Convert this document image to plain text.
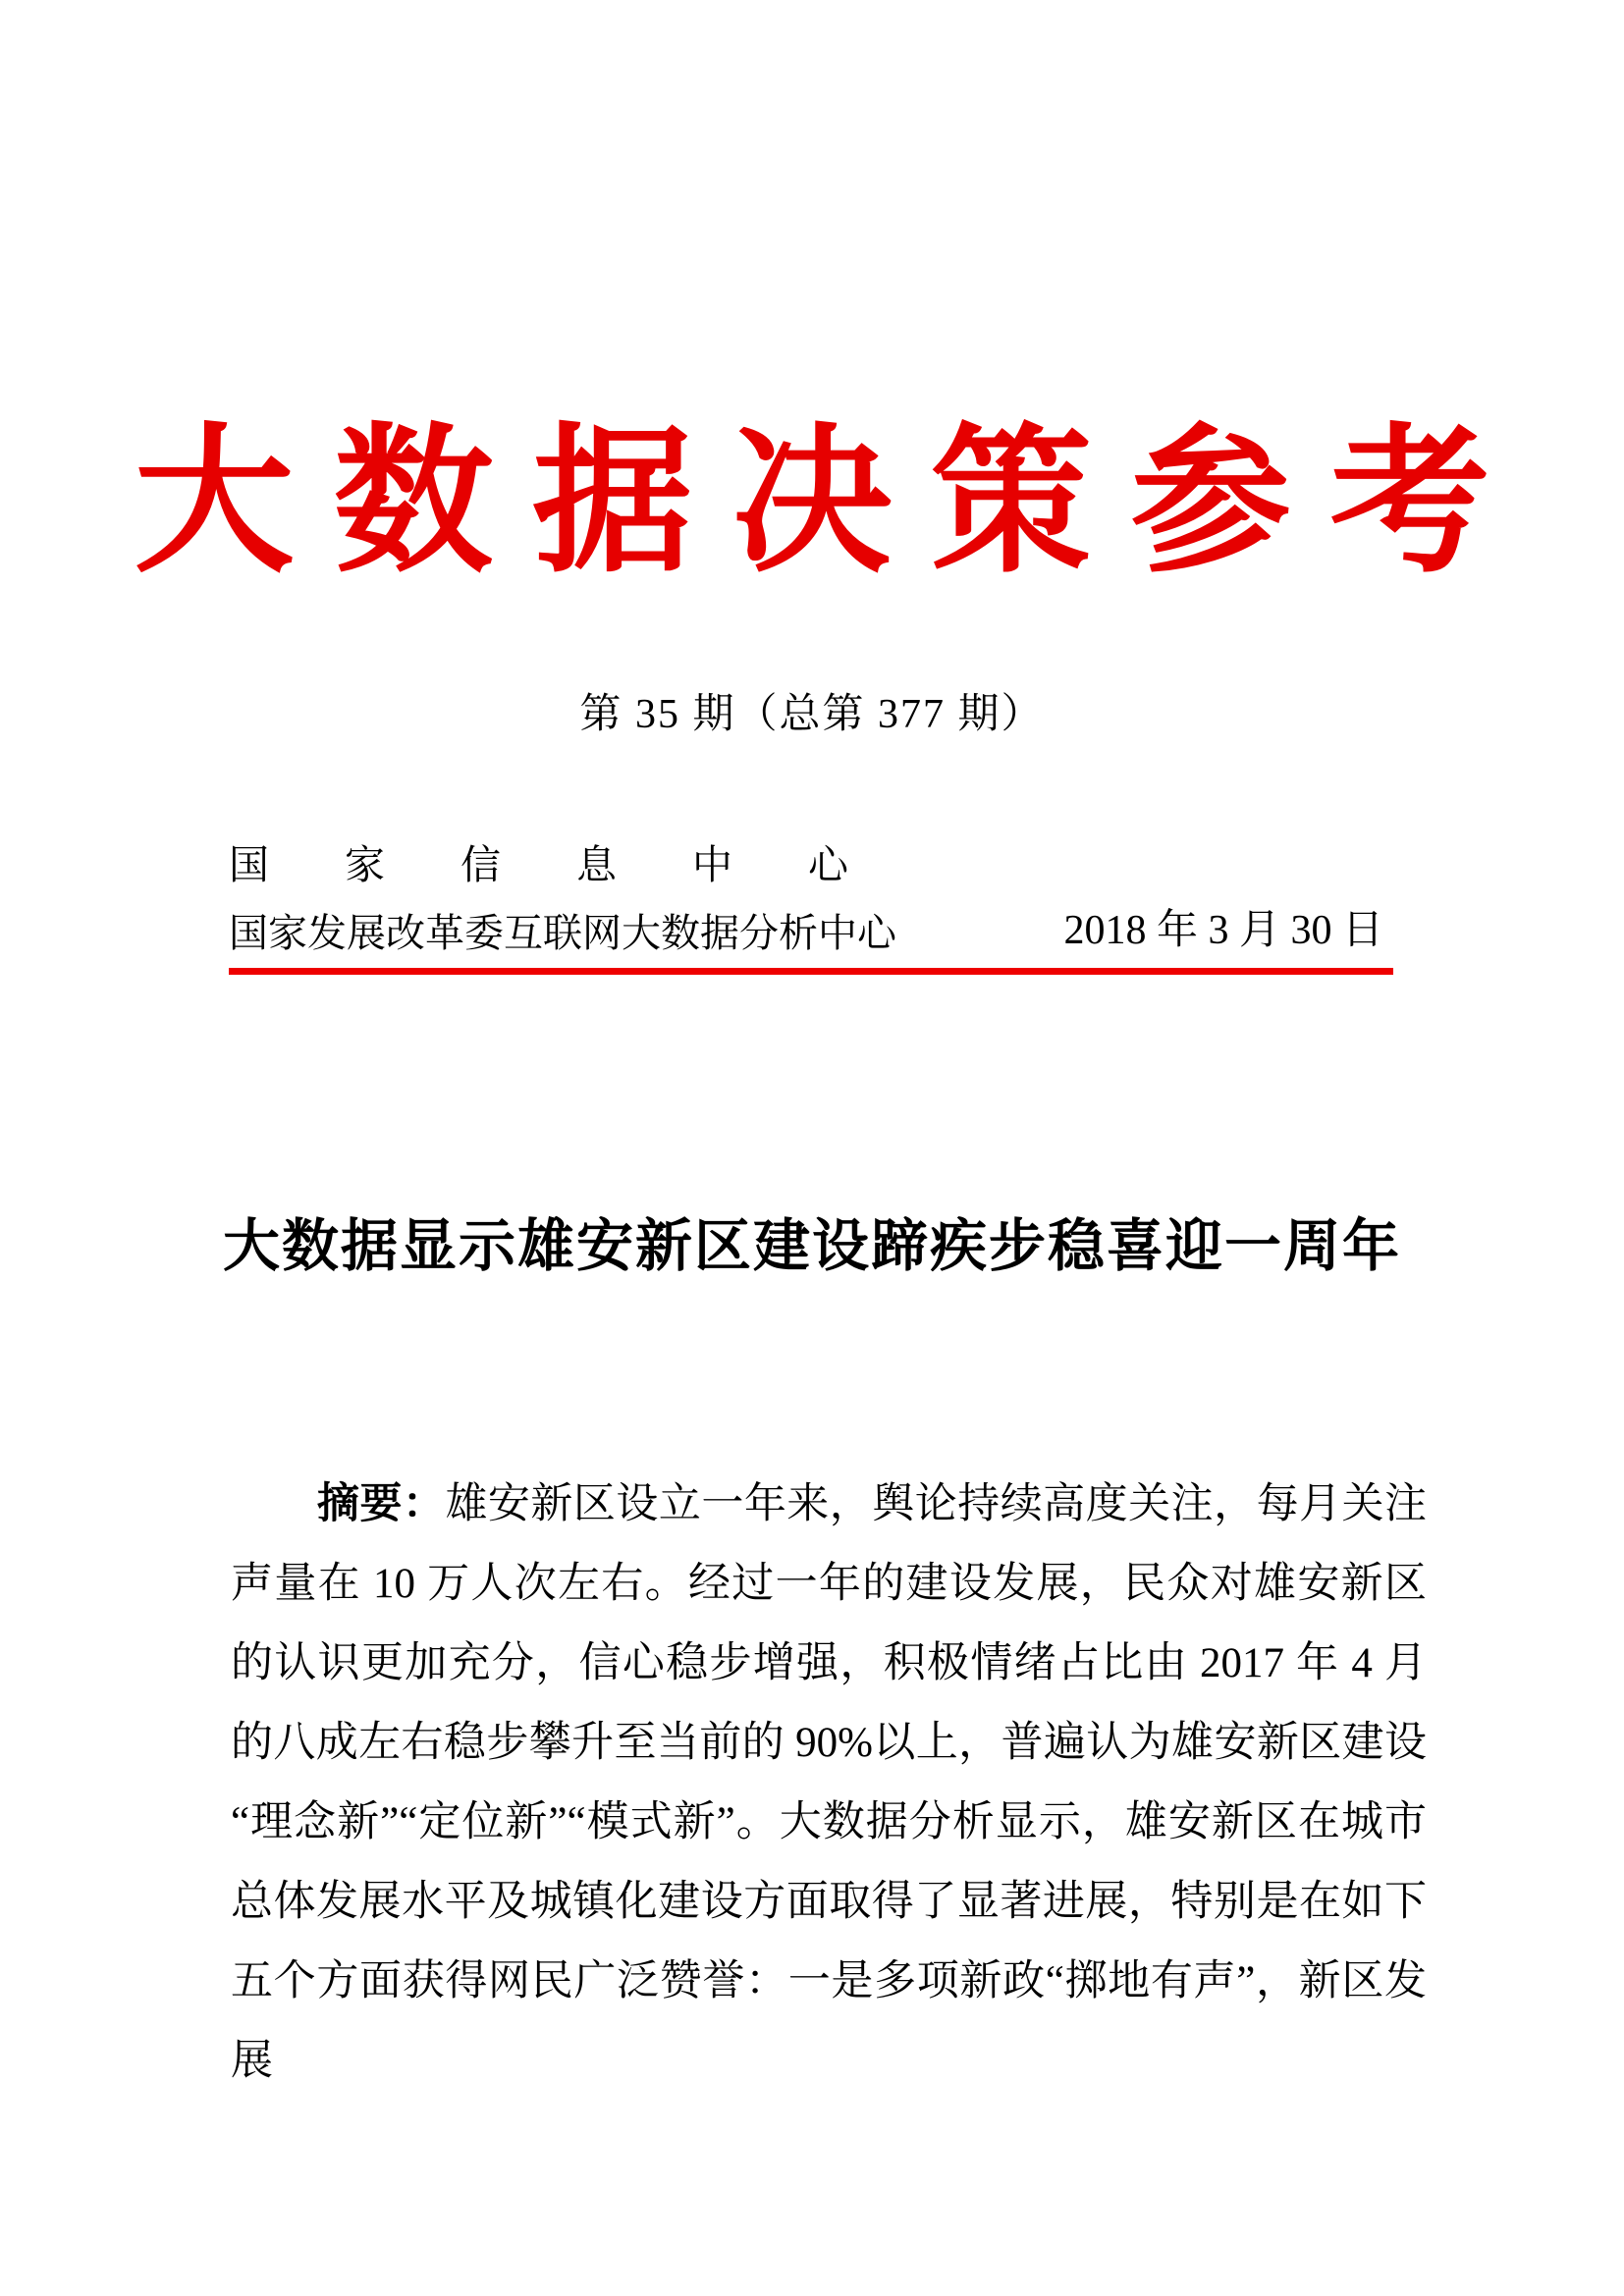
大数据决策参考
第 35 期（总第 377 期）
国　家　信　息　中　心
国家发展改革委互联网大数据分析中心	2018 年 3 月 30 日
大数据显示雄安新区建设蹄疾步稳喜迎一周年

摘要：雄安新区设立一年来，舆论持续高度关注，每月关注声量在 10 万人次左右。经过一年的建设发展，民众对雄安新区的认识更加充分，信心稳步增强，积极情绪占比由 2017 年 4 月的八成左右稳步攀升至当前的 90%以上，普遍认为雄安新区建设“理念新”“定位新”“模式新”。大数据分析显示，雄安新区在城市总体发展水平及城镇化建设方面取得了显著进展，特别是在如下五个方面获得网民广泛赞誉：一是多项新政“掷地有声”，新区发展
